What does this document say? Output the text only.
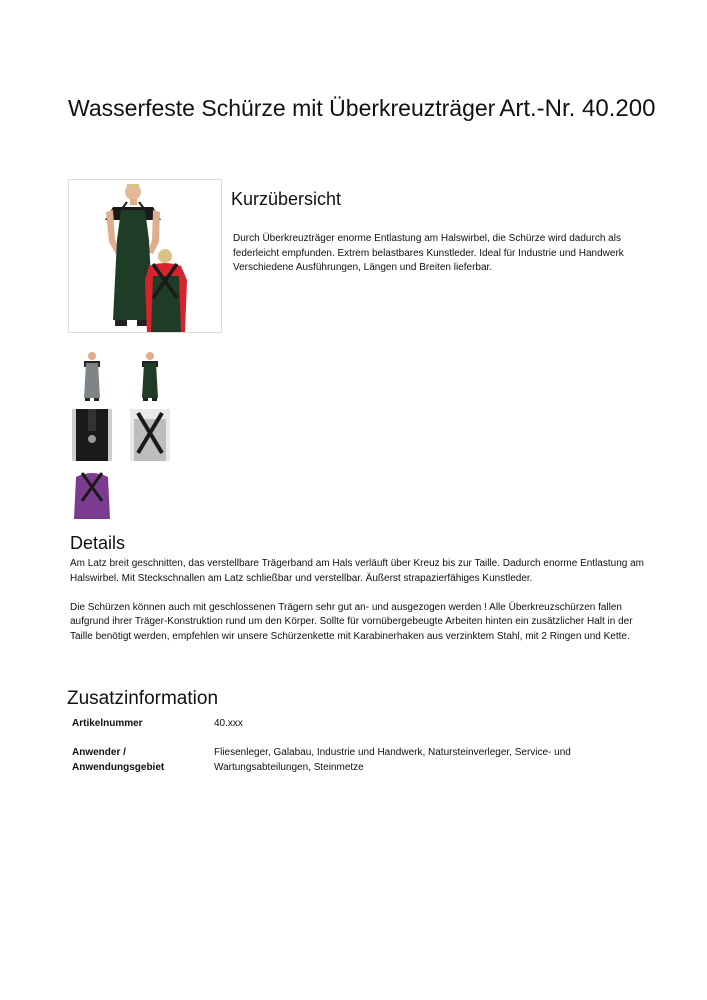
Wasserfeste Schürze mit Überkreuzträger Art.-Nr. 40.200
Kurzübersicht
Durch Überkreuzträger enorme Entlastung am Halswirbel, die Schürze wird dadurch als federleicht empfunden. Extrem belastbares Kunstleder. Ideal für Industrie und Handwerk Verschiedene Ausführungen, Längen und Breiten lieferbar.
Details

Am Latz breit geschnitten, das verstellbare Trägerband am Hals verläuft über Kreuz bis zur Taille. Dadurch enorme Entlastung am Halswirbel. Mit Steckschnallen am Latz schließbar und verstellbar. Äußerst strapazierfähiges Kunstleder.

Die Schürzen können auch mit geschlossenen Trägern sehr gut an- und ausgezogen werden ! Alle Überkreuzschürzen fallen aufgrund ihrer Träger-Konstruktion rund um den Körper. Sollte für vornübergebeugte Arbeiten hinten ein zusätzlicher Halt in der Taille benötigt werden, empfehlen wir unsere Schürzenkette mit Karabinerhaken aus verzinktem Stahl, mit 2 Ringen und Kette.

Zusatzinformation
Artikelnummer	40.xxx
Anwender / Anwendungsgebiet
Fliesenleger, Galabau, Industrie und Handwerk, Natursteinverleger, Service- und Wartungsabteilungen, Steinmetze
